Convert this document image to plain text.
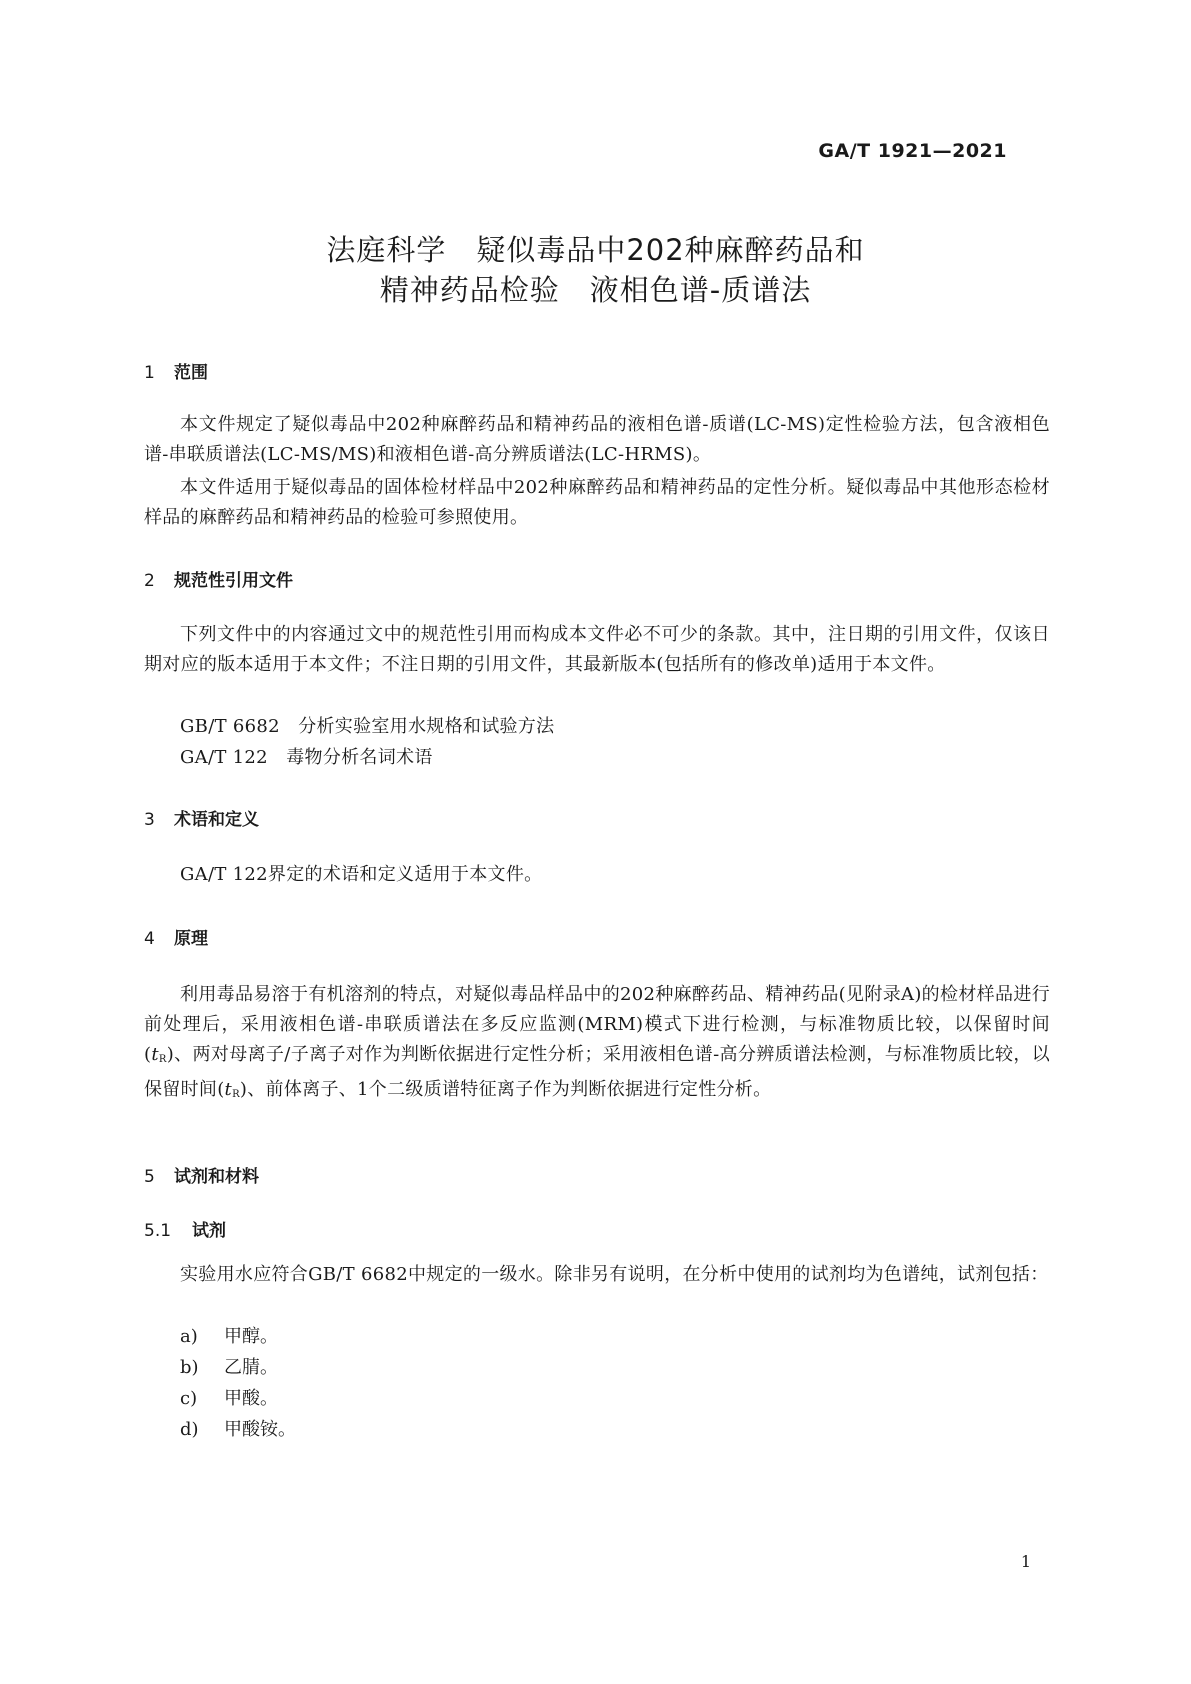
GA/T 1921—2021
法庭科学　疑似毒品中202种麻醉药品和
精神药品检验　液相色谱-质谱法
1 范围
本文件规定了疑似毒品中202种麻醉药品和精神药品的液相色谱-质谱(LC-MS)定性检验方法，包含液相色谱-串联质谱法(LC-MS/MS)和液相色谱-高分辨质谱法(LC-HRMS)。
本文件适用于疑似毒品的固体检材样品中202种麻醉药品和精神药品的定性分析。疑似毒品中其他形态检材样品的麻醉药品和精神药品的检验可参照使用。
2 规范性引用文件
下列文件中的内容通过文中的规范性引用而构成本文件必不可少的条款。其中，注日期的引用文件，仅该日期对应的版本适用于本文件；不注日期的引用文件，其最新版本(包括所有的修改单)适用于本文件。
GB/T 6682　分析实验室用水规格和试验方法
GA/T 122　毒物分析名词术语
3 术语和定义
GA/T 122界定的术语和定义适用于本文件。
4 原理
利用毒品易溶于有机溶剂的特点，对疑似毒品样品中的202种麻醉药品、精神药品(见附录A)的检材样品进行前处理后，采用液相色谱-串联质谱法在多反应监测(MRM)模式下进行检测，与标准物质比较，以保留时间$(t_R)$、两对母离子/子离子对作为判断依据进行定性分析；采用液相色谱-高分辨质谱法检测，与标准物质比较，以保留时间$(t_R)$、前体离子、1个二级质谱特征离子作为判断依据进行定性分析。
5 试剂和材料
5.1 试剂
实验用水应符合GB/T 6682中规定的一级水。除非另有说明，在分析中使用的试剂均为色谱纯，试剂包括：
a) 甲醇。
b) 乙腈。
c) 甲酸。
d) 甲酸铵。
1
